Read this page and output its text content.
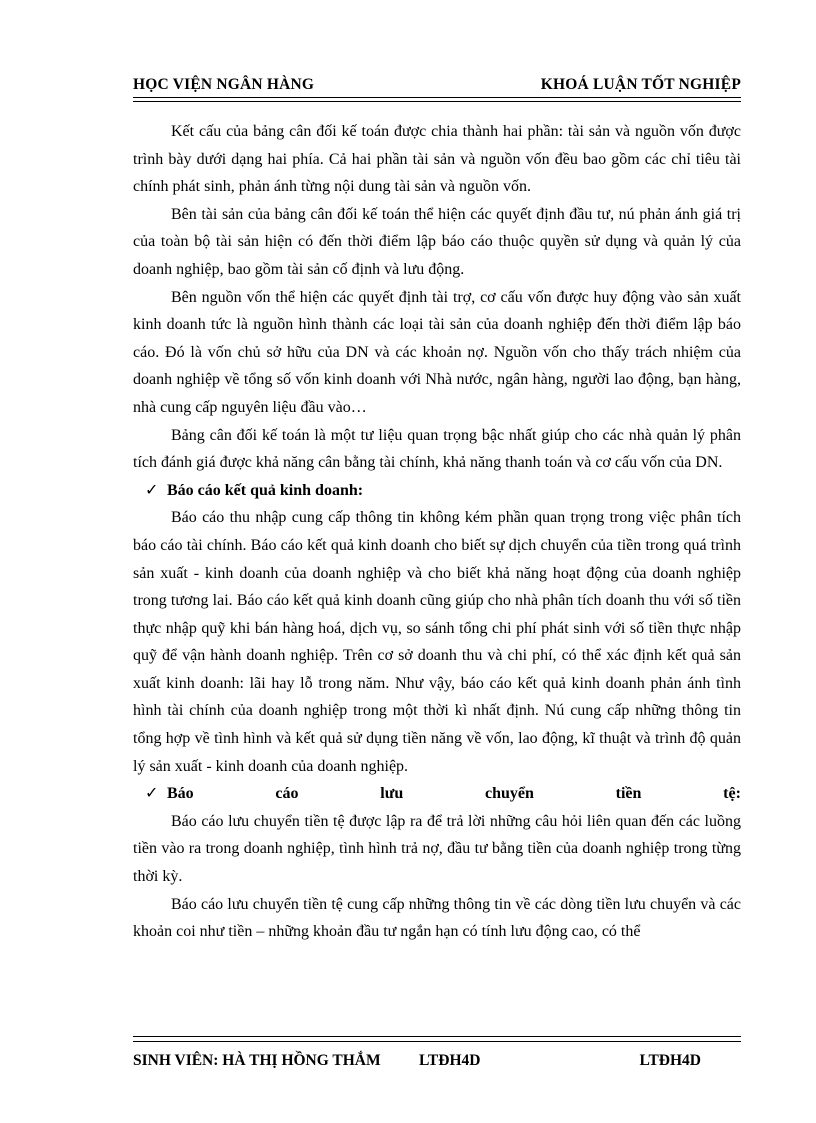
HỌC VIỆN NGÂN HÀNG	KHOÁ LUẬN TỐT NGHIỆP

Kết cấu của bảng cân đối kế toán được chia thành hai phần: tài sản và nguồn vốn được trình bày dưới dạng hai phía. Cả hai phần tài sản và nguồn vốn đều bao gồm các chỉ tiêu tài chính phát sinh, phản ánh từng nội dung tài sản và nguồn vốn.

Bên tài sản của bảng cân đối kế toán thể hiện các quyết định đầu tư, nú phản ánh giá trị của toàn bộ tài sản hiện có đến thời điểm lập báo cáo thuộc quyền sử dụng và quản lý của doanh nghiệp, bao gồm tài sản cố định và lưu động.

Bên nguồn vốn thể hiện các quyết định tài trợ, cơ cấu vốn được huy động vào sản xuất kinh doanh tức là nguồn hình thành các loại tài sản của doanh nghiệp đến thời điểm lập báo cáo. Đó là vốn chủ sở hữu của DN và các khoản nợ. Nguồn vốn cho thấy trách nhiệm của doanh nghiệp về tổng số vốn kinh doanh với Nhà nước, ngân hàng, người lao động, bạn hàng, nhà cung cấp nguyên liệu đầu vào…

Bảng cân đối kế toán là một tư liệu quan trọng bậc nhất giúp cho các nhà quản lý phân tích đánh giá được khả năng cân bằng tài chính, khả năng thanh toán và cơ cấu vốn của DN.

✓ Báo cáo kết quả kinh doanh:

Báo cáo thu nhập cung cấp thông tin không kém phần quan trọng trong việc phân tích báo cáo tài chính. Báo cáo kết quả kinh doanh cho biết sự dịch chuyển của tiền trong quá trình sản xuất - kinh doanh của doanh nghiệp và cho biết khả năng hoạt động của doanh nghiệp trong tương lai. Báo cáo kết quả kinh doanh cũng giúp cho nhà phân tích doanh thu với số tiền thực nhập quỹ khi bán hàng hoá, dịch vụ, so sánh tổng chi phí phát sinh với số tiền thực nhập quỹ để vận hành doanh nghiệp. Trên cơ sở doanh thu và chi phí, có thể xác định kết quả sản xuất kinh doanh: lãi hay lỗ trong năm. Như vậy, báo cáo kết quả kinh doanh phản ánh tình hình tài chính của doanh nghiệp trong một thời kì nhất định. Nú cung cấp những thông tin tổng hợp về tình hình và kết quả sử dụng tiền năng về vốn, lao động, kĩ thuật và trình độ quản lý sản xuất - kinh doanh của doanh nghiệp.

✓ Báo	cáo	lưu	chuyển	tiền	tệ:

Báo cáo lưu chuyển tiền tệ được lập ra để trả lời những câu hỏi liên quan đến các luồng tiền vào ra trong doanh nghiệp, tình hình trả nợ, đầu tư bằng tiền của doanh nghiệp trong từng thời kỳ.

Báo cáo lưu chuyển tiền tệ cung cấp những thông tin về các dòng tiền lưu chuyển và các khoản coi như tiền – những khoản đầu tư ngắn hạn có tính lưu động cao, có thể

SINH VIÊN: HÀ THỊ HỒNG THẮM LTĐH4D	LTĐH4D
